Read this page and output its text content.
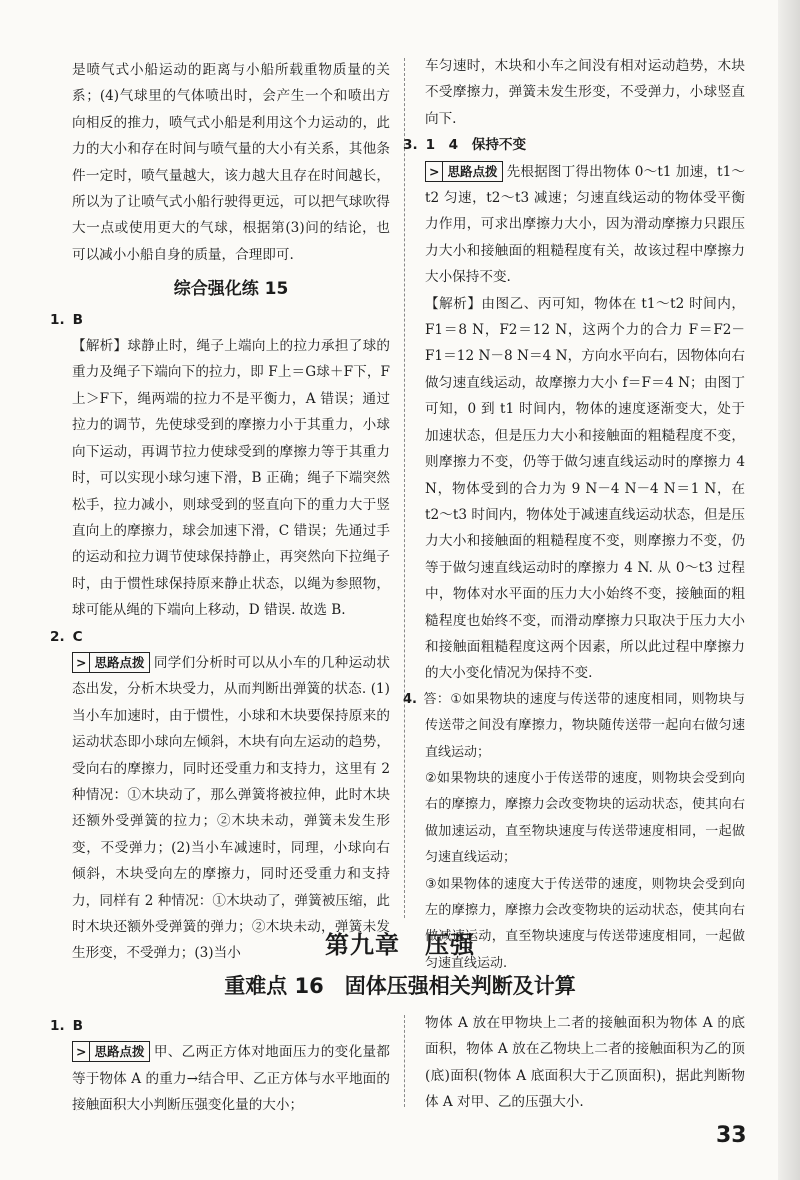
是喷气式小船运动的距离与小船所载重物质量的关系；(4)气球里的气体喷出时，会产生一个和喷出方向相反的推力，喷气式小船是利用这个力运动的，此力的大小和存在时间与喷气量的大小有关系，其他条件一定时，喷气量越大，该力越大且存在时间越长，所以为了让喷气式小船行驶得更远，可以把气球吹得大一点或使用更大的气球，根据第(3)问的结论，也可以减小小船自身的质量，合理即可.

综合强化练 15

1. B

【解析】球静止时，绳子上端向上的拉力承担了球的重力及绳子下端向下的拉力，即 F上＝G球＋F下，F上＞F下，绳两端的拉力不是平衡力，A 错误；通过拉力的调节，先使球受到的摩擦力小于其重力，小球向下运动，再调节拉力使球受到的摩擦力等于其重力时，可以实现小球匀速下滑，B 正确；绳子下端突然松手，拉力减小，则球受到的竖直向下的重力大于竖直向上的摩擦力，球会加速下滑，C 错误；先通过手的运动和拉力调节使球保持静止，再突然向下拉绳子时，由于惯性球保持原来静止状态，以绳为参照物，球可能从绳的下端向上移动，D 错误. 故选 B.

2. C

> 思路点拨 同学们分析时可以从小车的几种运动状态出发，分析木块受力，从而判断出弹簧的状态. (1)当小车加速时，由于惯性，小球和木块要保持原来的运动状态即小球向左倾斜，木块有向左运动的趋势，受向右的摩擦力，同时还受重力和支持力，这里有 2 种情况：①木块动了，那么弹簧将被拉伸，此时木块还额外受弹簧的拉力；②木块未动，弹簧未发生形变，不受弹力；(2)当小车减速时，同理，小球向右倾斜，木块受向左的摩擦力，同时还受重力和支持力，同样有 2 种情况：①木块动了，弹簧被压缩，此时木块还额外受弹簧的弹力；②木块未动，弹簧未发生形变，不受弹力；(3)当小

车匀速时，木块和小车之间没有相对运动趋势，木块不受摩擦力，弹簧未发生形变，不受弹力，小球竖直向下.

3. 1　4　保持不变

> 思路点拨 先根据图丁得出物体 0～t1 加速，t1～t2 匀速，t2～t3 减速；匀速直线运动的物体受平衡力作用，可求出摩擦力大小，因为滑动摩擦力只跟压力大小和接触面的粗糙程度有关，故该过程中摩擦力大小保持不变.

【解析】由图乙、丙可知，物体在 t1～t2 时间内，F1＝8 N，F2＝12 N，这两个力的合力 F＝F2－F1＝12 N－8 N＝4 N，方向水平向右，因物体向右做匀速直线运动，故摩擦力大小 f＝F＝4 N；由图丁可知，0 到 t1 时间内，物体的速度逐渐变大，处于加速状态，但是压力大小和接触面的粗糙程度不变，则摩擦力不变，仍等于做匀速直线运动时的摩擦力 4 N，物体受到的合力为 9 N－4 N－4 N＝1 N，在 t2～t3 时间内，物体处于减速直线运动状态，但是压力大小和接触面的粗糙程度不变，则摩擦力不变，仍等于做匀速直线运动时的摩擦力 4 N. 从 0～t3 过程中，物体对水平面的压力大小始终不变，接触面的粗糙程度也始终不变，而滑动摩擦力只取决于压力大小和接触面粗糙程度这两个因素，所以此过程中摩擦力的大小变化情况为保持不变.

4. 答：①如果物块的速度与传送带的速度相同，则物块与传送带之间没有摩擦力，物块随传送带一起向右做匀速直线运动；

②如果物块的速度小于传送带的速度，则物块会受到向右的摩擦力，摩擦力会改变物块的运动状态，使其向右做加速运动，直至物块速度与传送带速度相同，一起做匀速直线运动；

③如果物体的速度大于传送带的速度，则物块会受到向左的摩擦力，摩擦力会改变物块的运动状态，使其向右做减速运动，直至物块速度与传送带速度相同，一起做匀速直线运动.

第九章　压强
重难点 16　固体压强相关判断及计算

1. B

> 思路点拨 甲、乙两正方体对地面压力的变化量都等于物体 A 的重力→结合甲、乙正方体与水平地面的接触面积大小判断压强变化量的大小；

物体 A 放在甲物块上二者的接触面积为物体 A 的底面积，物体 A 放在乙物块上二者的接触面积为乙的顶(底)面积(物体 A 底面积大于乙顶面积)，据此判断物体 A 对甲、乙的压强大小.

33
